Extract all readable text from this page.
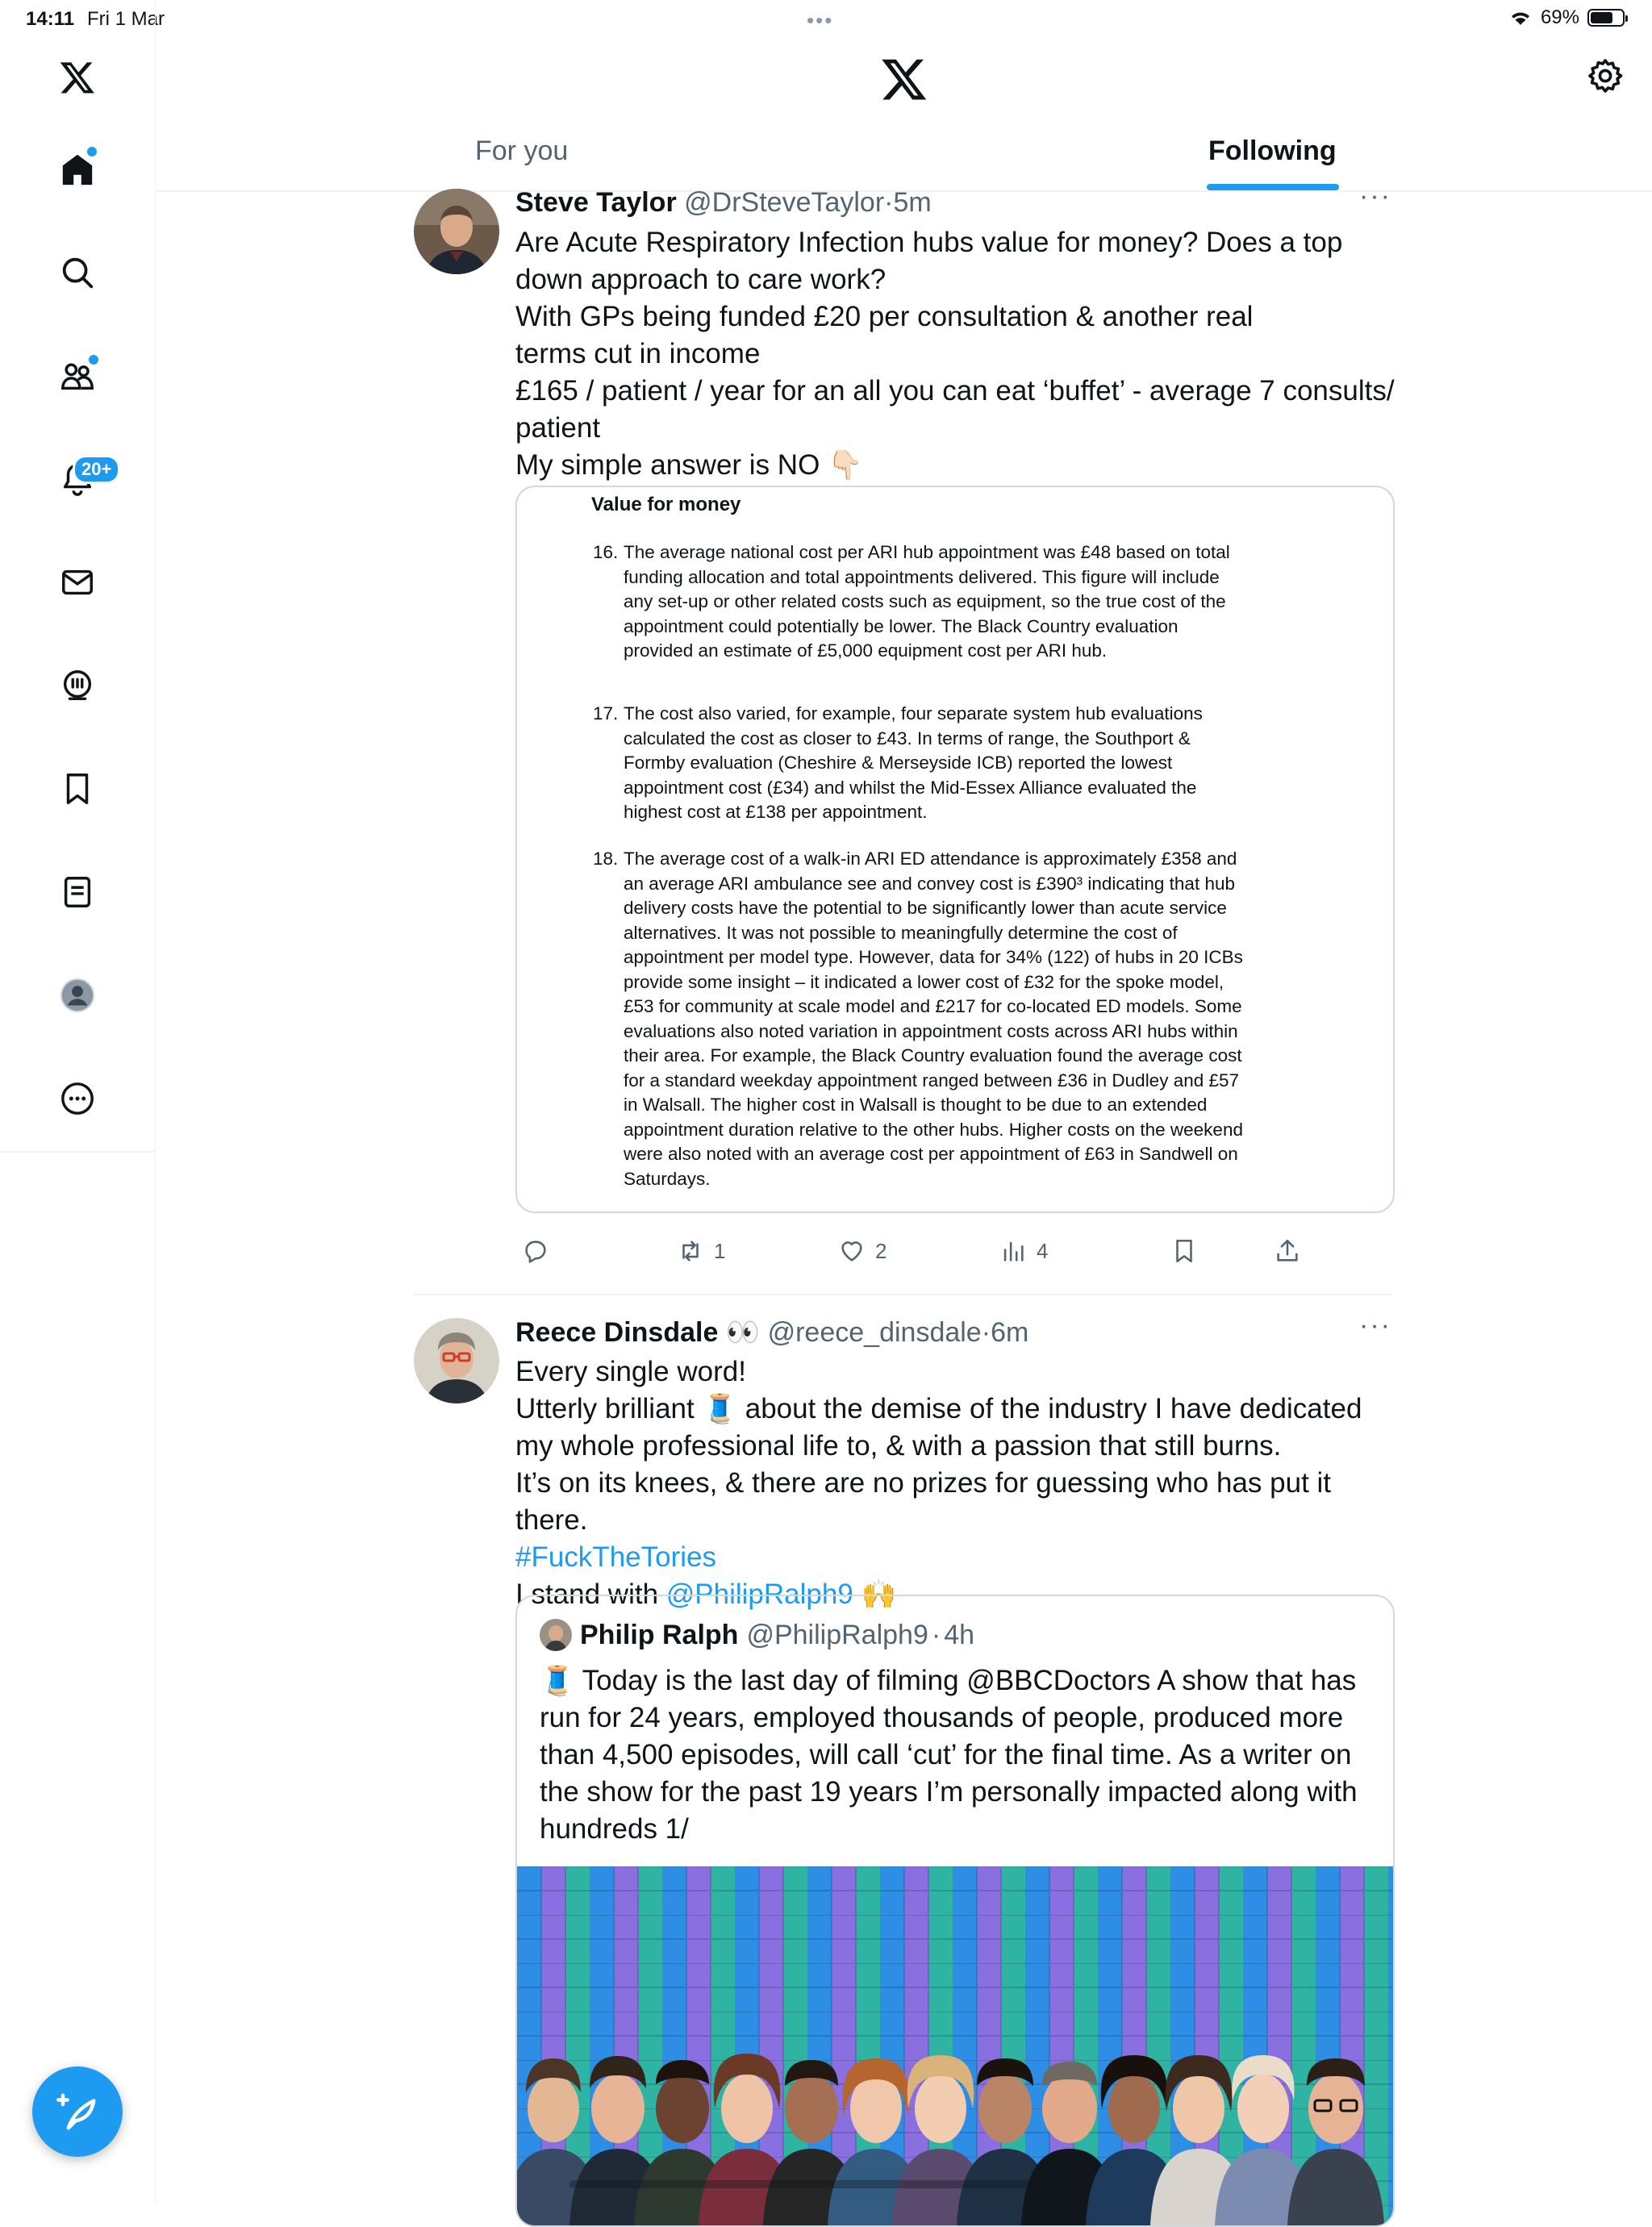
14:11 Fri 1 Mar	•••	69%
20+
For you	Following
Steve Taylor @DrSteveTaylor·5m	···
Are Acute Respiratory Infection hubs value for money? Does a top
down approach to care work?
With GPs being funded £20 per consultation & another real
terms cut in income
£165 / patient / year for an all you can eat ‘buffet’ - average 7 consults/
patient
My simple answer is NO 👇🏻
Value for money
16. The average national cost per ARI hub appointment was £48 based on total
funding allocation and total appointments delivered. This figure will include
any set-up or other related costs such as equipment, so the true cost of the
appointment could potentially be lower. The Black Country evaluation
provided an estimate of £5,000 equipment cost per ARI hub.
17. The cost also varied, for example, four separate system hub evaluations
calculated the cost as closer to £43. In terms of range, the Southport &
Formby evaluation (Cheshire & Merseyside ICB) reported the lowest
appointment cost (£34) and whilst the Mid-Essex Alliance evaluated the
highest cost at £138 per appointment.
18. The average cost of a walk-in ARI ED attendance is approximately £358 and
an average ARI ambulance see and convey cost is £390³ indicating that hub
delivery costs have the potential to be significantly lower than acute service
alternatives. It was not possible to meaningfully determine the cost of
appointment per model type. However, data for 34% (122) of hubs in 20 ICBs
provide some insight – it indicated a lower cost of £32 for the spoke model,
£53 for community at scale model and £217 for co-located ED models. Some
evaluations also noted variation in appointment costs across ARI hubs within
their area. For example, the Black Country evaluation found the average cost
for a standard weekday appointment ranged between £36 in Dudley and £57
in Walsall. The higher cost in Walsall is thought to be due to an extended
appointment duration relative to the other hubs. Higher costs on the weekend
were also noted with an average cost per appointment of £63 in Sandwell on
Saturdays.
1	2	4
Reece Dinsdale 👀 @reece_dinsdale·6m	···
Every single word!
Utterly brilliant 🧵 about the demise of the industry I have dedicated
my whole professional life to, & with a passion that still burns.
It’s on its knees, & there are no prizes for guessing who has put it there.
#FuckTheTories
I stand with @PhilipRalph9 🙌
Philip Ralph @PhilipRalph9 · 4h
🧵 Today is the last day of filming @BBCDoctors A show that has
run for 24 years, employed thousands of people, produced more
than 4,500 episodes, will call ‘cut’ for the final time. As a writer on
the show for the past 19 years I’m personally impacted along with
hundreds 1/
